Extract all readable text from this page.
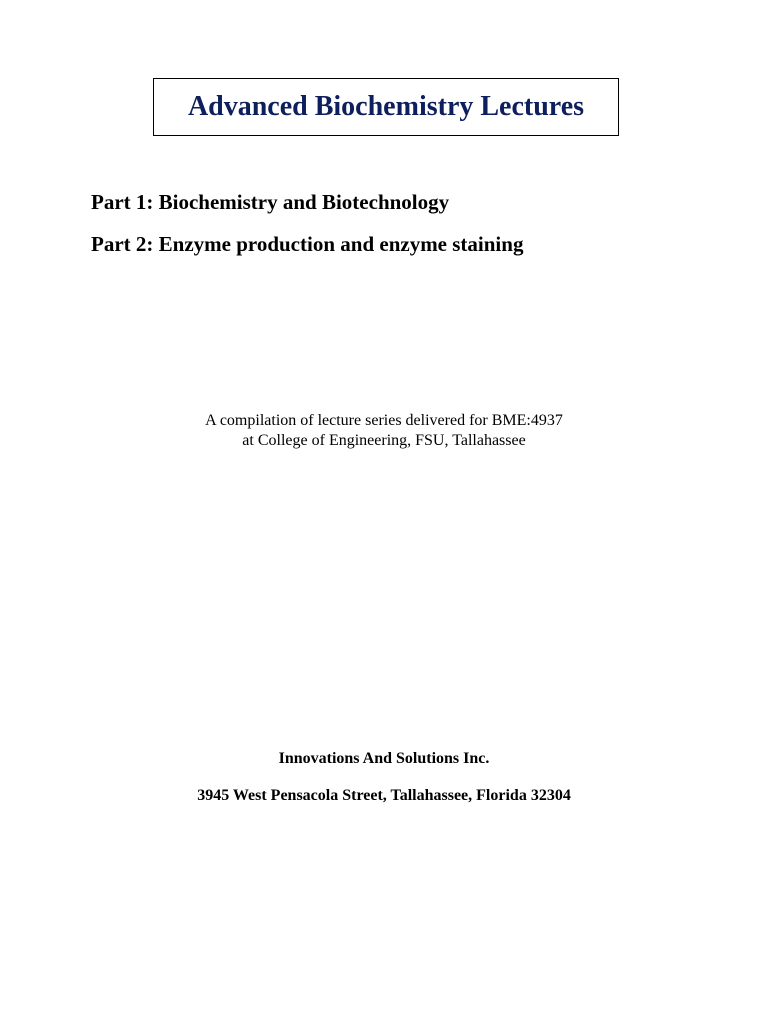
Advanced Biochemistry Lectures
Part 1: Biochemistry and Biotechnology
Part 2: Enzyme production and enzyme staining
A compilation of lecture series delivered for BME:4937
at College of Engineering, FSU, Tallahassee
Innovations And Solutions Inc.
3945 West Pensacola Street, Tallahassee, Florida 32304
